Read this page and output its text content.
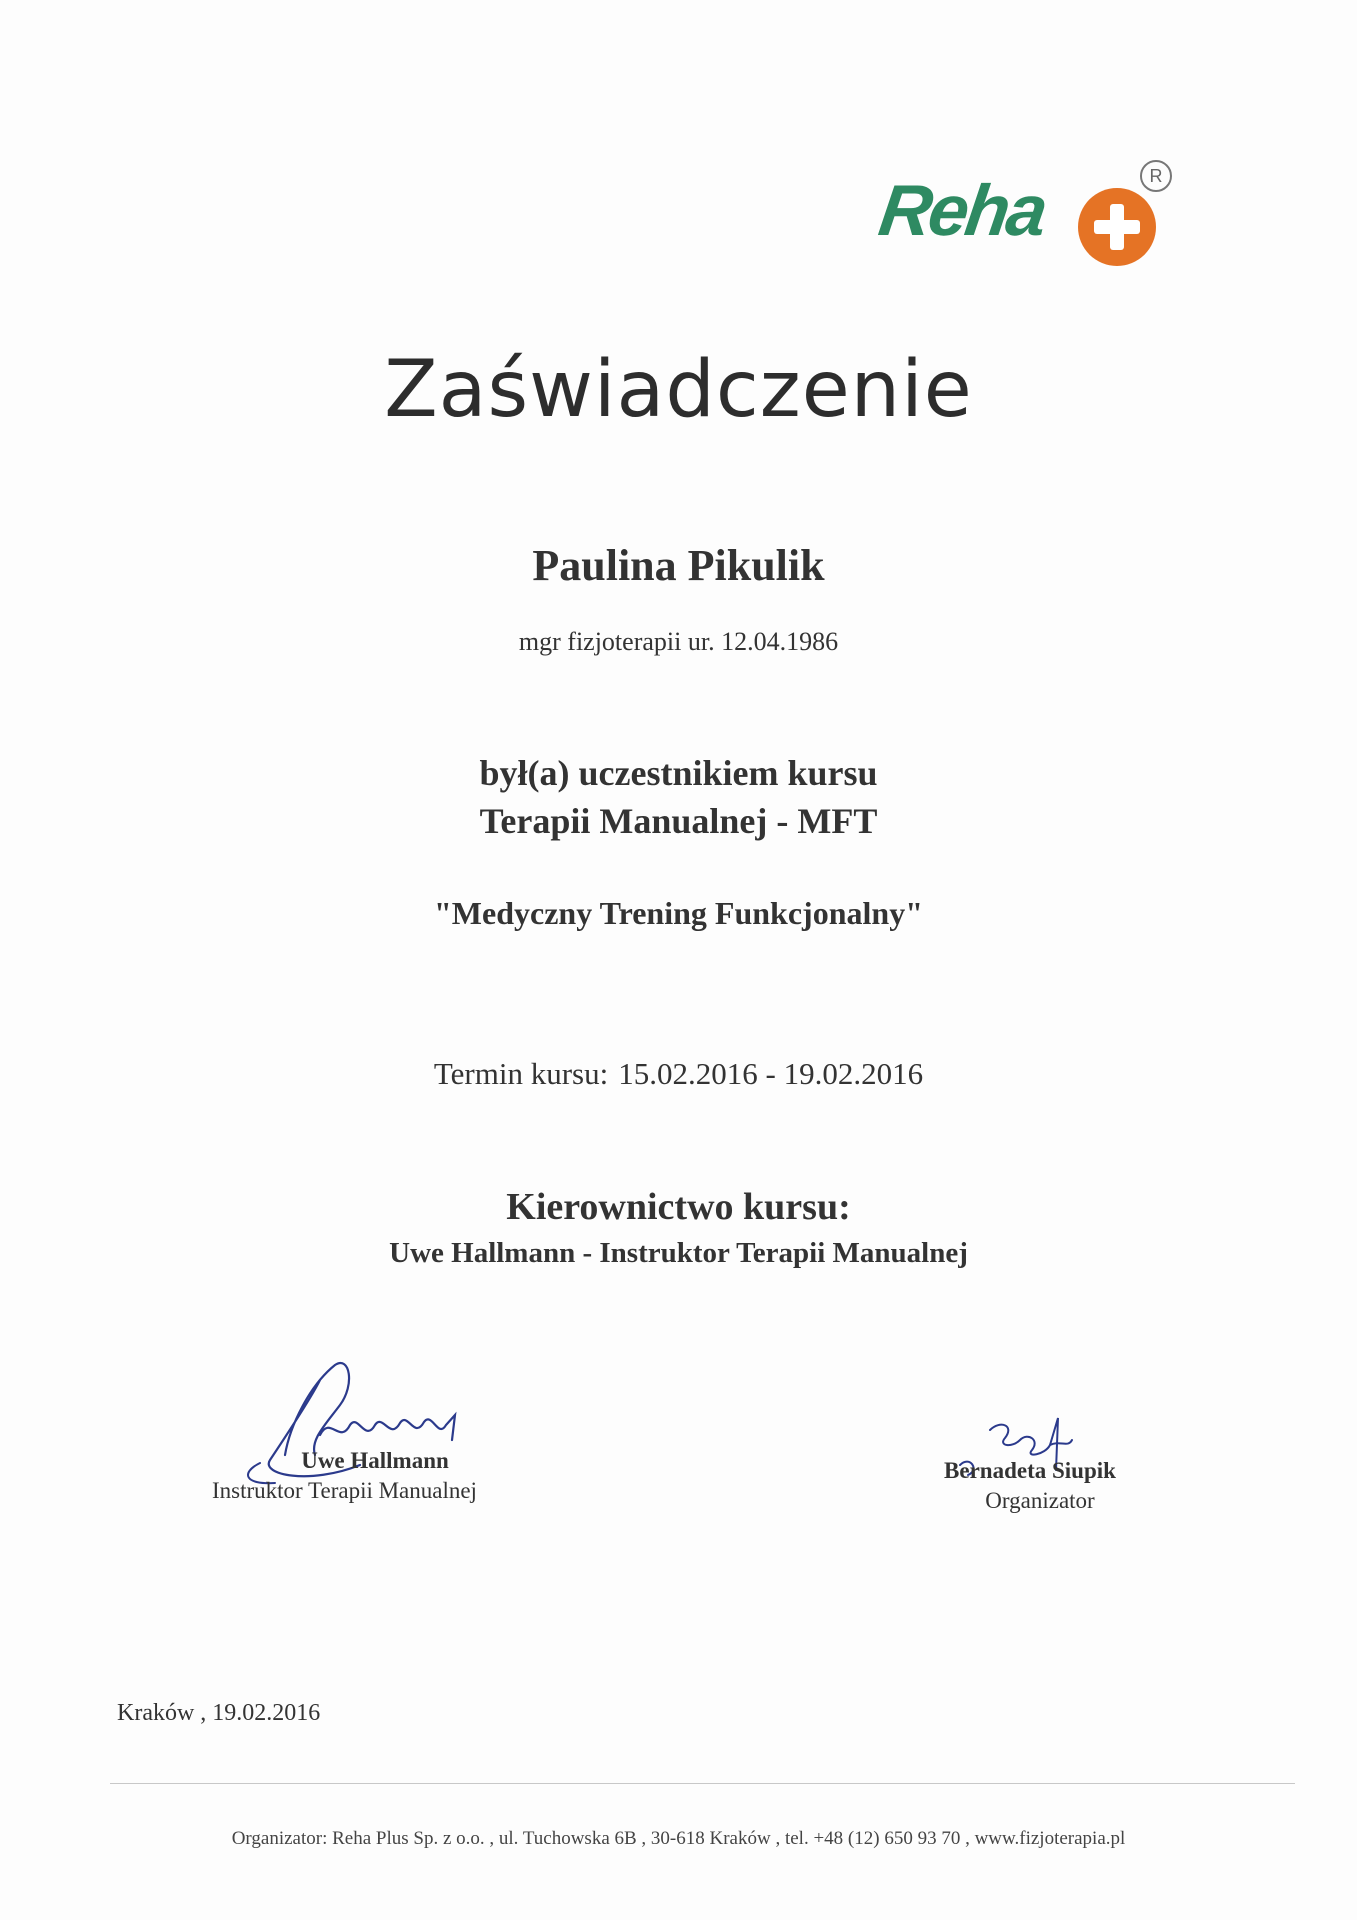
Reha	R
Zaświadczenie
Paulina Pikulik
mgr fizjoterapii ur. 12.04.1986
był(a) uczestnikiem kursu
Terapii Manualnej - MFT
"Medyczny Trening Funkcjonalny"
Termin kursu: 15.02.2016 - 19.02.2016
Kierownictwo kursu:
Uwe Hallmann - Instruktor Terapii Manualnej
Uwe Hallmann
Instruktor Terapii Manualnej
Bernadeta Siupik
Organizator
Kraków , 19.02.2016
Organizator: Reha Plus Sp. z o.o. , ul. Tuchowska 6B , 30-618 Kraków , tel. +48 (12) 650 93 70 , www.fizjoterapia.pl
